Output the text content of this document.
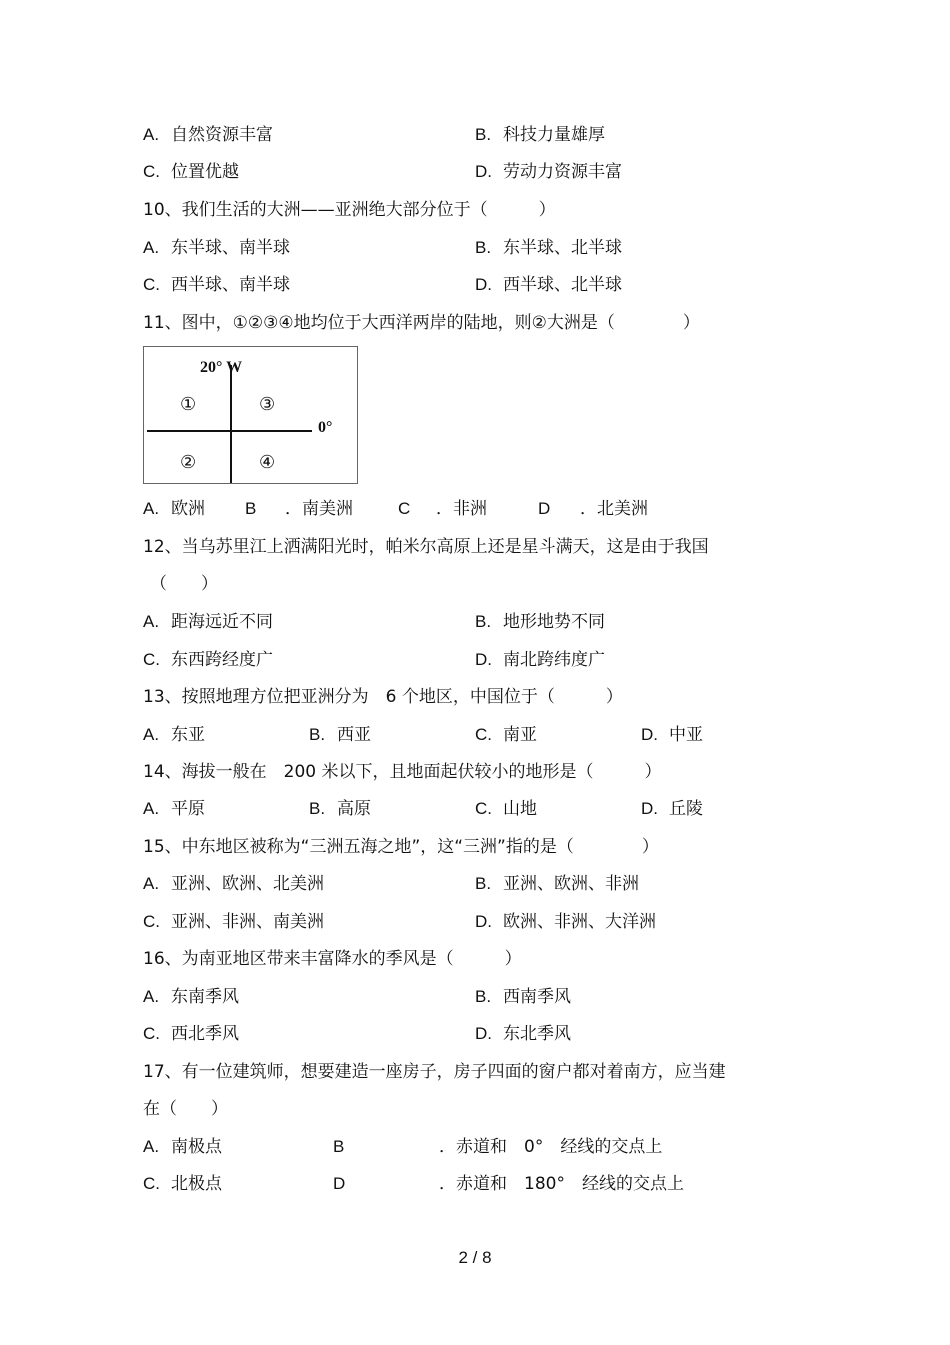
A. 自然资源丰富	B. 科技力量雄厚
C. 位置优越	D. 劳动力资源丰富
10、我们生活的大洲——亚洲绝大部分位于（　　　）
A. 东半球、南半球	B. 东半球、北半球
C. 西半球、南半球	D. 西半球、北半球
11、图中，①②③④地均位于大西洋两岸的陆地，则②大洲是（　　　　）
20° W
0°
①	③
②	④
A. 欧洲 B ．南美洲	C ．非洲	D ．北美洲
12、当乌苏里江上洒满阳光时，帕米尔高原上还是星斗满天，这是由于我国
（　　）
A. 距海远近不同	B. 地形地势不同
C. 东西跨经度广	D. 南北跨纬度广
13、按照地理方位把亚洲分为　6 个地区，中国位于（　　　）
A. 东亚	B. 西亚	C. 南亚	D. 中亚
14、海拔一般在　200 米以下，且地面起伏较小的地形是（　　　）
A. 平原	B. 高原	C. 山地	D. 丘陵
15、中东地区被称为“三洲五海之地”，这“三洲”指的是（　　　　）
A. 亚洲、欧洲、北美洲	B. 亚洲、欧洲、非洲
C. 亚洲、非洲、南美洲	D. 欧洲、非洲、大洋洲
16、为南亚地区带来丰富降水的季风是（　　　）
A. 东南季风	B. 西南季风
C. 西北季风	D. 东北季风
17、有一位建筑师，想要建造一座房子，房子四面的窗户都对着南方，应当建
在（　　）
A. 南极点	B	．赤道和　0°　经线的交点上
C. 北极点	D	．赤道和　180°　经线的交点上
2 / 8
